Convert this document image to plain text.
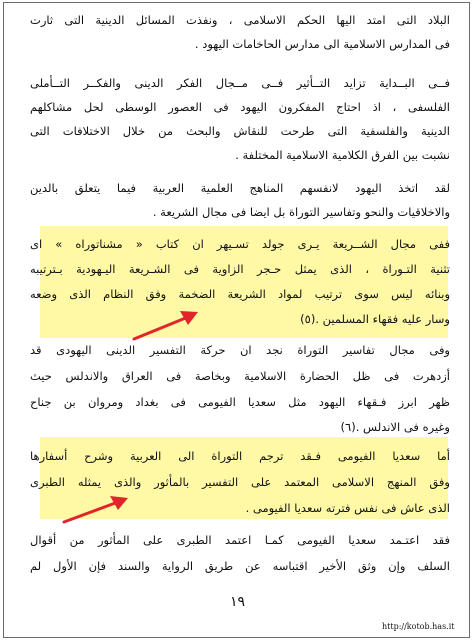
البلاد التى امتد اليها الحكم الاسلامى ، ونفذت المسائل الدينية التى ثارت
فى المدارس الاسلامية الى مدارس الحاخامات اليهود .
فــى البــداية تزايد التــأثير فــى مــجال الفكر الدينى والفكــر التــأملى
الفلسفى ، اذ احتاج المفكرون اليهود فى العصور الوسطى لحل مشاكلهم
الدينية والفلسفية التى طرحت للنقاش والبحث من خلال الاختلافات التى
نشبت بين الفرق الكلامية الاسلامية المختلفة .
لقد اتخذ اليهود لانفسهم المناهج العلمية العربية فيما يتعلق بالدين
والاخلاقيات والنحو وتفاسير التوراة بل ايضا فى مجال الشريعة .
ففى مجال الشــريعة يـرى جولد تسـيهر ان كتاب « مشناتوراه » اى
تثنية التـوراة ، الذى يمثل حـجر الزاوية فى الشـريعة اليـهودية بـترتيبه
وبنائه ليس سوى ترتيب لمواد الشريعة الضخمة وفق النظام الذى وضعه
وسار عليه فقهاء المسلمين .(٥)
وفى مجال تفاسير التوراة نجد ان حركة التفسير الدينى اليهودى قد
أزدهرت فى ظل الحضارة الاسلامية وبخاصة فى العراق والاندلس حيث
ظهر ابرز فـقهاء اليهود مثل سعديا الفيومى فى بغداد ومروان بن جناح
وغيره فى الاندلس .(٦)
أما سعديا الفيومى فـقد ترجم التوراة الى العربية وشرح أسفارها
وفق المنهج الاسلامى المعتمد على التفسير بالمأثور والذى يمثله الطبرى
الذى عاش فى نفس فترته سعديا الفيومى .
فقد اعتـمد سعديا الفيومى كمـا اعتمد الطبرى على المأثور من أقوال
السلف وإن وثق الأخير اقتباسه عن طريق الرواية والسند فإن الأول لم
١٩
http://kotob.has.it
